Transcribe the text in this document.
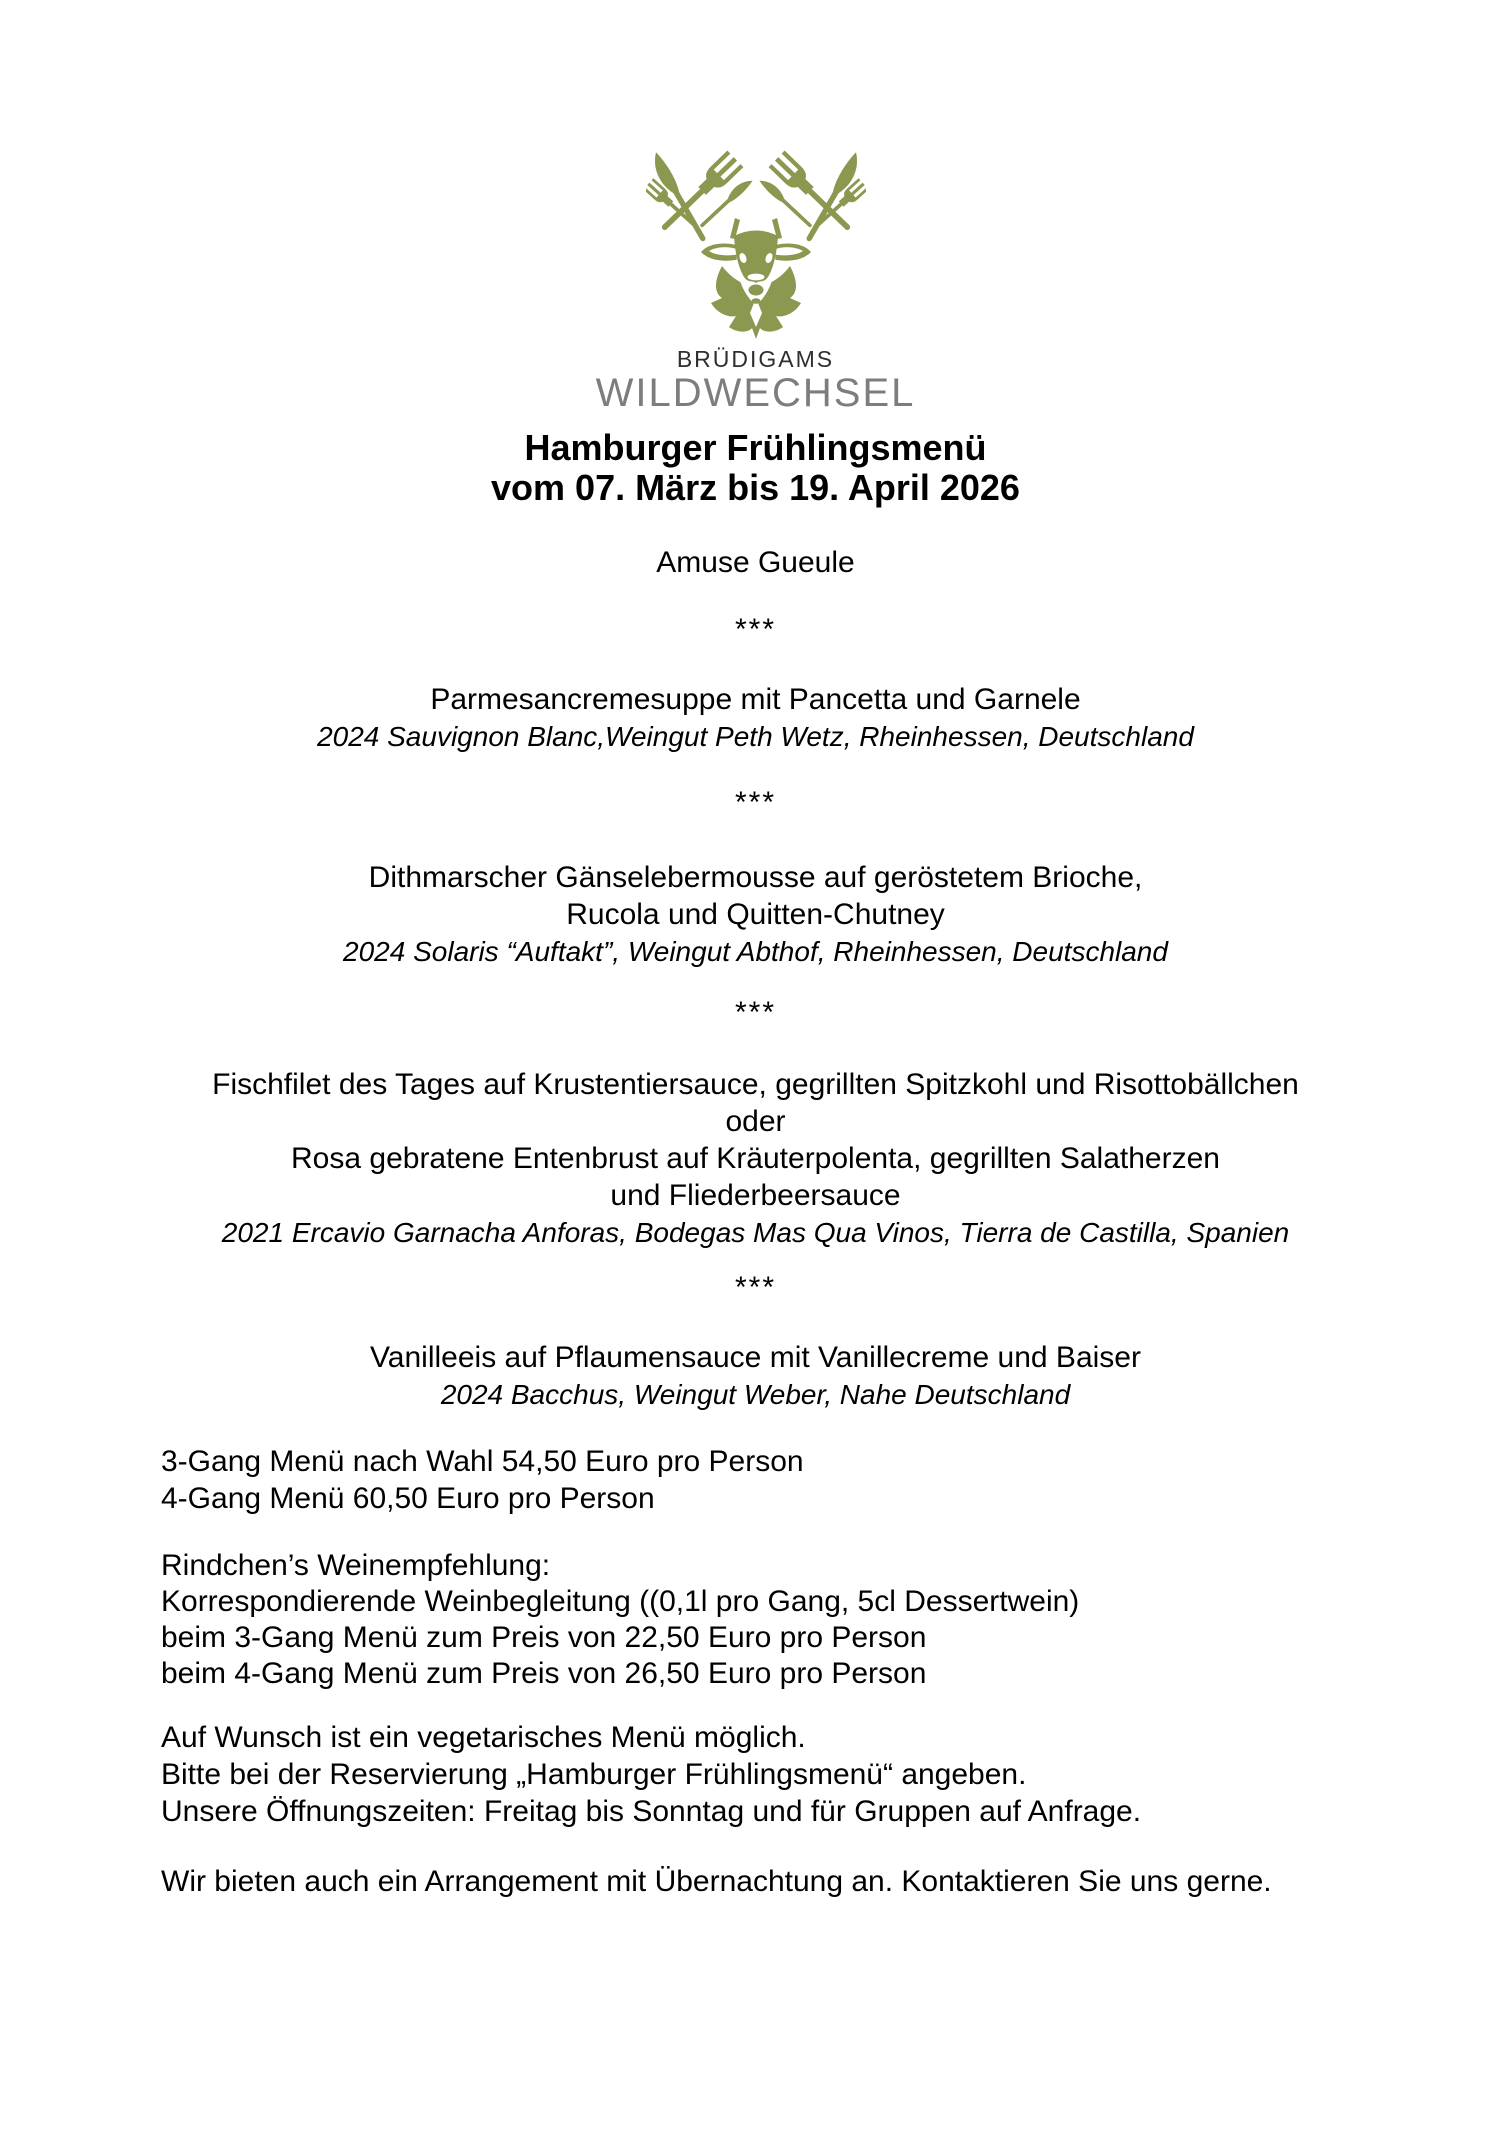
BRÜDIGAMS
WILDWECHSEL
Hamburger Frühlingsmenü
vom 07. März bis 19. April 2026
Amuse Gueule
***
Parmesancremesuppe mit Pancetta und Garnele
2024 Sauvignon Blanc,Weingut Peth Wetz, Rheinhessen, Deutschland
***
Dithmarscher Gänselebermousse auf geröstetem Brioche,
Rucola und Quitten-Chutney
2024 Solaris “Auftakt”, Weingut Abthof, Rheinhessen, Deutschland
***
Fischfilet des Tages auf Krustentiersauce, gegrillten Spitzkohl und Risottobällchen
oder
Rosa gebratene Entenbrust auf Kräuterpolenta, gegrillten Salatherzen
und Fliederbeersauce
2021 Ercavio Garnacha Anforas, Bodegas Mas Qua Vinos, Tierra de Castilla, Spanien
***
Vanilleeis auf Pflaumensauce mit Vanillecreme und Baiser
2024 Bacchus, Weingut Weber, Nahe Deutschland
3-Gang Menü nach Wahl 54,50 Euro pro Person
4-Gang Menü 60,50 Euro pro Person
Rindchen’s Weinempfehlung:
Korrespondierende Weinbegleitung ((0,1l pro Gang, 5cl Dessertwein)
beim 3-Gang Menü zum Preis von 22,50 Euro pro Person
beim 4-Gang Menü zum Preis von 26,50 Euro pro Person
Auf Wunsch ist ein vegetarisches Menü möglich.
Bitte bei der Reservierung „Hamburger Frühlingsmenü“ angeben.
Unsere Öffnungszeiten: Freitag bis Sonntag und für Gruppen auf Anfrage.
Wir bieten auch ein Arrangement mit Übernachtung an. Kontaktieren Sie uns gerne.
